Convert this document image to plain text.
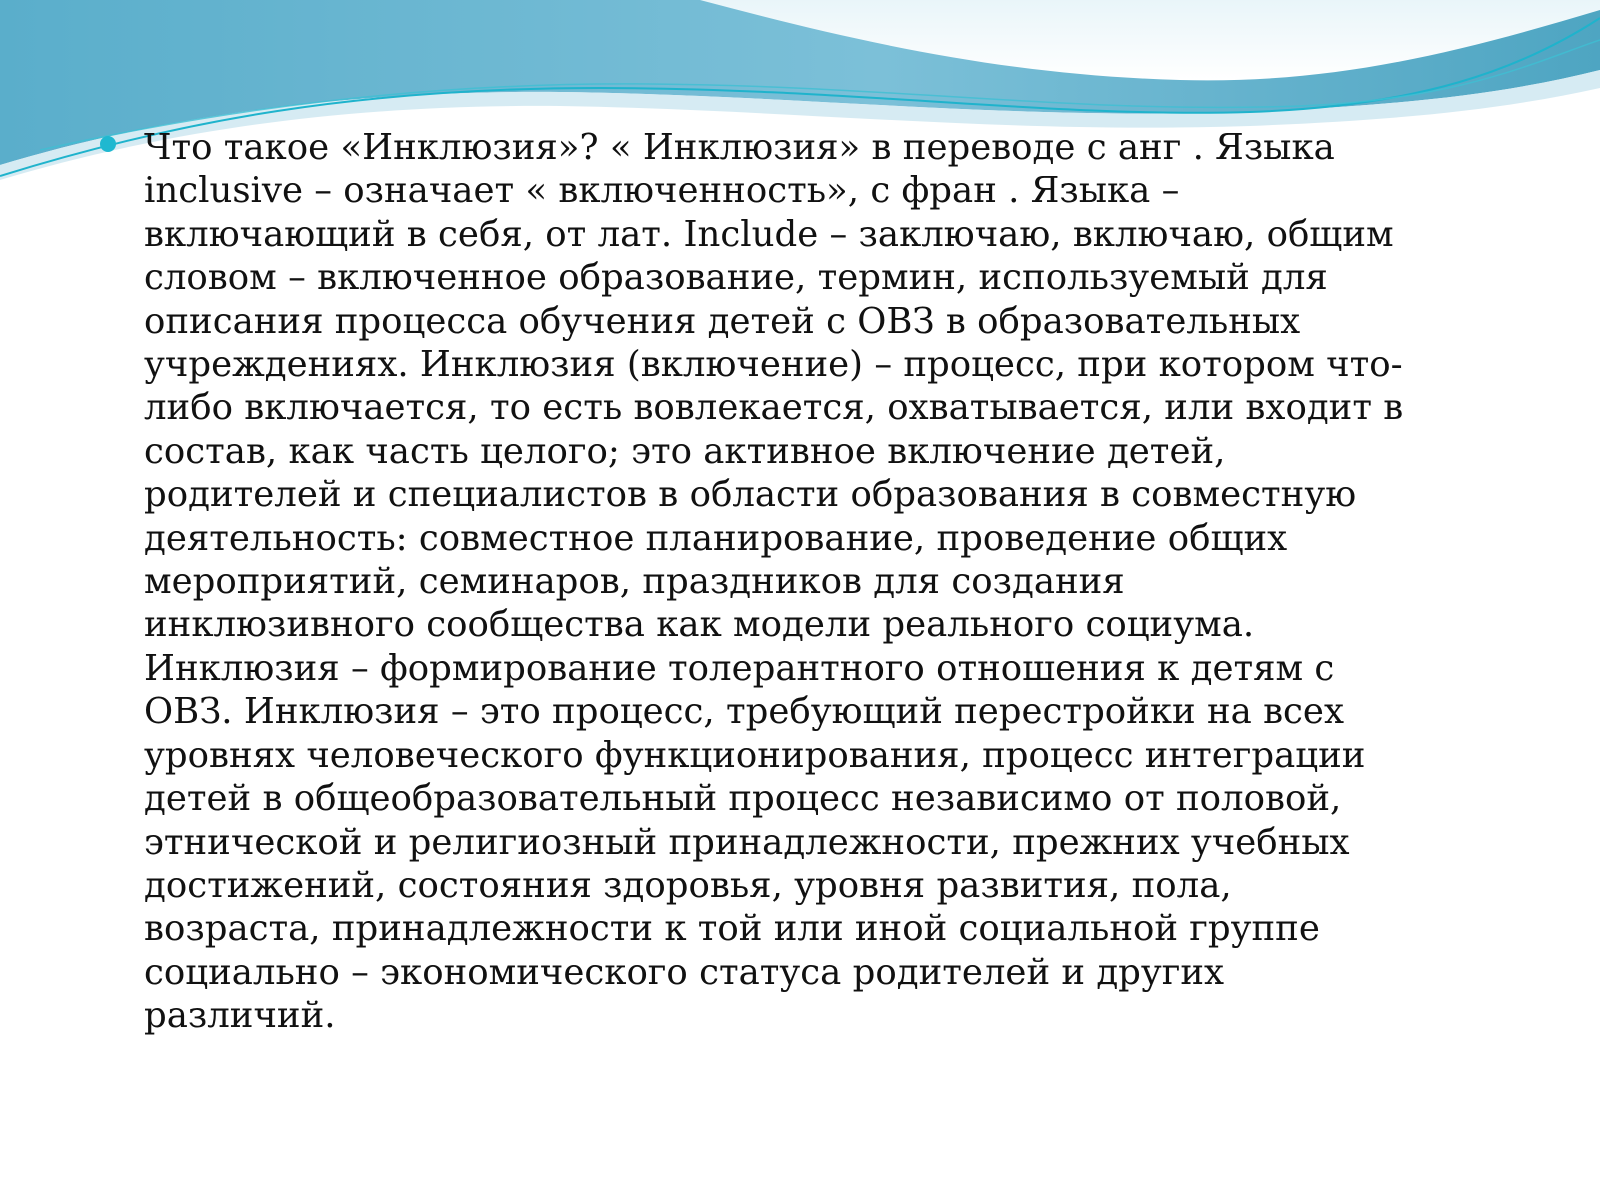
Что такое «Инклюзия»? « Инклюзия» в переводе с анг . Языка
inclusive – означает « включенность», с фран . Языка –
включающий в себя, от лат. Include – заключаю, включаю, общим
словом – включенное образование, термин, используемый для
описания процесса обучения детей с ОВЗ в образовательных
учреждениях. Инклюзия (включение) – процесс, при котором что-
либо включается, то есть вовлекается, охватывается, или входит в
состав, как часть целого; это активное включение детей,
родителей и специалистов в области образования в совместную
деятельность: совместное планирование, проведение общих
мероприятий, семинаров, праздников для создания
инклюзивного сообщества как модели реального социума.
Инклюзия – формирование толерантного отношения к детям с
ОВЗ. Инклюзия – это процесс, требующий перестройки на всех
уровнях человеческого функционирования, процесс интеграции
детей в общеобразовательный процесс независимо от половой,
этнической и религиозный принадлежности, прежних учебных
достижений, состояния здоровья, уровня развития, пола,
возраста, принадлежности к той или иной социальной группе
социально – экономического статуса родителей и других
различий.
